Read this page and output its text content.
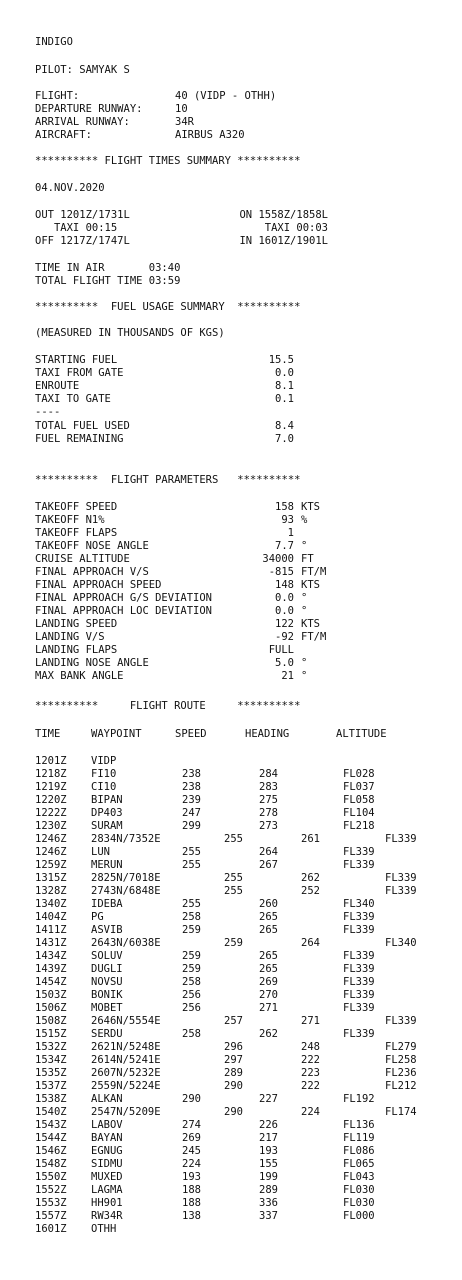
INDIGO
PILOT: SAMYAK S
FLIGHT:	40 (VIDP - OTHH)
DEPARTURE RUNWAY:	10
ARRIVAL RUNWAY:	34R
AIRCRAFT:	AIRBUS A320
********** FLIGHT TIMES SUMMARY **********
04.NOV.2020
OUT 1201Z/1731L
TAXI 00:15
OFF 1217Z/1747L
ON 1558Z/1858L
TAXI 00:03
IN 1601Z/1901L
TIME IN AIR       03:40
TOTAL FLIGHT TIME 03:59
**********  FUEL USAGE SUMMARY  **********
(MEASURED IN THOUSANDS OF KGS)
STARTING FUEL	15.5
TAXI FROM GATE	0.0
ENROUTE	8.1
TAXI TO GATE	0.1
----
TOTAL FUEL USED	8.4
FUEL REMAINING	7.0
**********  FLIGHT PARAMETERS   **********
TAKEOFF SPEED	158 KTS
TAKEOFF N1%	93 %
TAKEOFF FLAPS	1
TAKEOFF NOSE ANGLE	7.7 °
CRUISE ALTITUDE	34000 FT
FINAL APPROACH V/S	-815 FT/M
FINAL APPROACH SPEED	148 KTS
FINAL APPROACH G/S DEVIATION	0.0 °
FINAL APPROACH LOC DEVIATION	0.0 °
LANDING SPEED	122 KTS
LANDING V/S	-92 FT/M
LANDING FLAPS	FULL
LANDING NOSE ANGLE	5.0 °
MAX BANK ANGLE	21 °
**********     FLIGHT ROUTE     **********
TIME	WAYPOINT	SPEED	HEADING	ALTITUDE
1201Z VIDP
1218Z FI10	238	284	FL028
1219Z CI10	238	283	FL037
1220Z BIPAN	239	275	FL058
1222Z DP403	247	278	FL104
1230Z SURAM	299	273	FL218
1246Z 2834N/7352E	255	261	FL339
1246Z LUN	255	264	FL339
1259Z MERUN	255	267	FL339
1315Z 2825N/7018E	255	262	FL339
1328Z 2743N/6848E	255	252	FL339
1340Z IDEBA	255	260	FL340
1404Z PG	258	265	FL339
1411Z ASVIB	259	265	FL339
1431Z 2643N/6038E	259	264	FL340
1434Z SOLUV	259	265	FL339
1439Z DUGLI	259	265	FL339
1454Z NOVSU	258	269	FL339
1503Z BONIK	256	270	FL339
1506Z MOBET	256	271	FL339
1508Z 2646N/5554E	257	271	FL339
1515Z SERDU	258	262	FL339
1532Z 2621N/5248E	296	248	FL279
1534Z 2614N/5241E	297	222	FL258
1535Z 2607N/5232E	289	223	FL236
1537Z 2559N/5224E	290	222	FL212
1538Z ALKAN	290	227	FL192
1540Z 2547N/5209E	290	224	FL174
1543Z LABOV	274	226	FL136
1544Z BAYAN	269	217	FL119
1546Z EGNUG	245	193	FL086
1548Z SIDMU	224	155	FL065
1550Z MUXED	193	199	FL043
1552Z LAGMA	188	289	FL030
1553Z HH901	188	336	FL030
1557Z RW34R	138	337	FL000
1601Z OTHH
